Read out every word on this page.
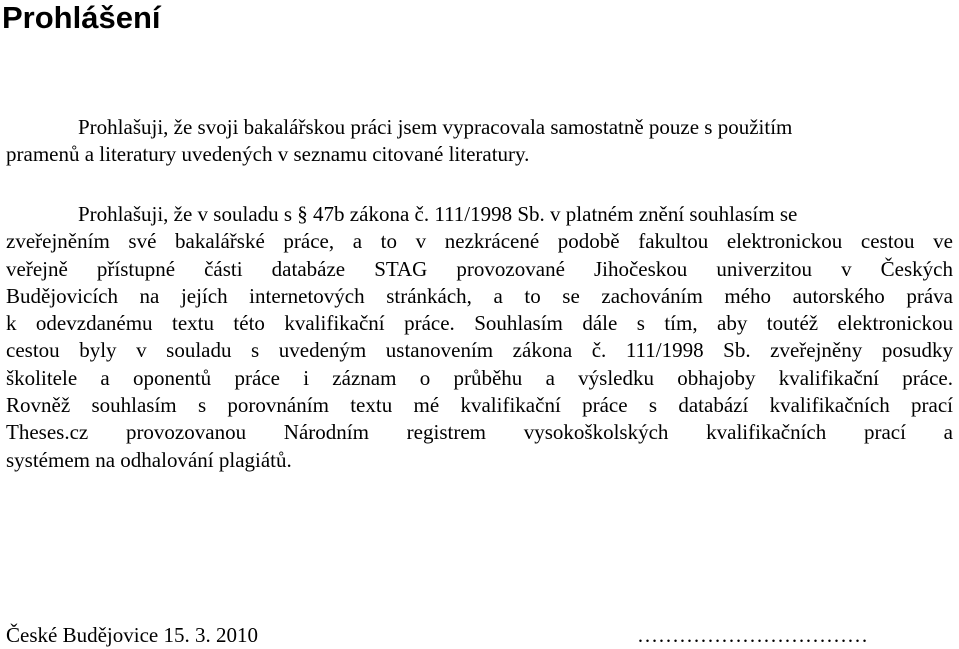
Prohlášení
Prohlašuji, že svoji bakalářskou práci jsem vypracovala samostatně pouze s použitím
pramenů a literatury uvedených v seznamu citované literatury.
Prohlašuji, že v souladu s § 47b zákona č. 111/1998 Sb. v platném znění souhlasím se
zveřejněním své bakalářské práce, a to v nezkrácené podobě fakultou elektronickou cestou ve
veřejně přístupné části databáze STAG provozované Jihočeskou univerzitou v Českých
Budějovicích na jejích internetových stránkách, a to se zachováním mého autorského práva
k odevzdanému textu této kvalifikační práce. Souhlasím dále s tím, aby toutéž elektronickou
cestou byly v souladu s uvedeným ustanovením zákona č. 111/1998 Sb. zveřejněny posudky
školitele a oponentů práce i záznam o průběhu a výsledku obhajoby kvalifikační práce.
Rovněž souhlasím s porovnáním textu mé kvalifikační práce s databází kvalifikačních prací
Theses.cz provozovanou Národním registrem vysokoškolských kvalifikačních prací a
systémem na odhalování plagiátů.
České Budějovice 15. 3. 2010	……………………………
